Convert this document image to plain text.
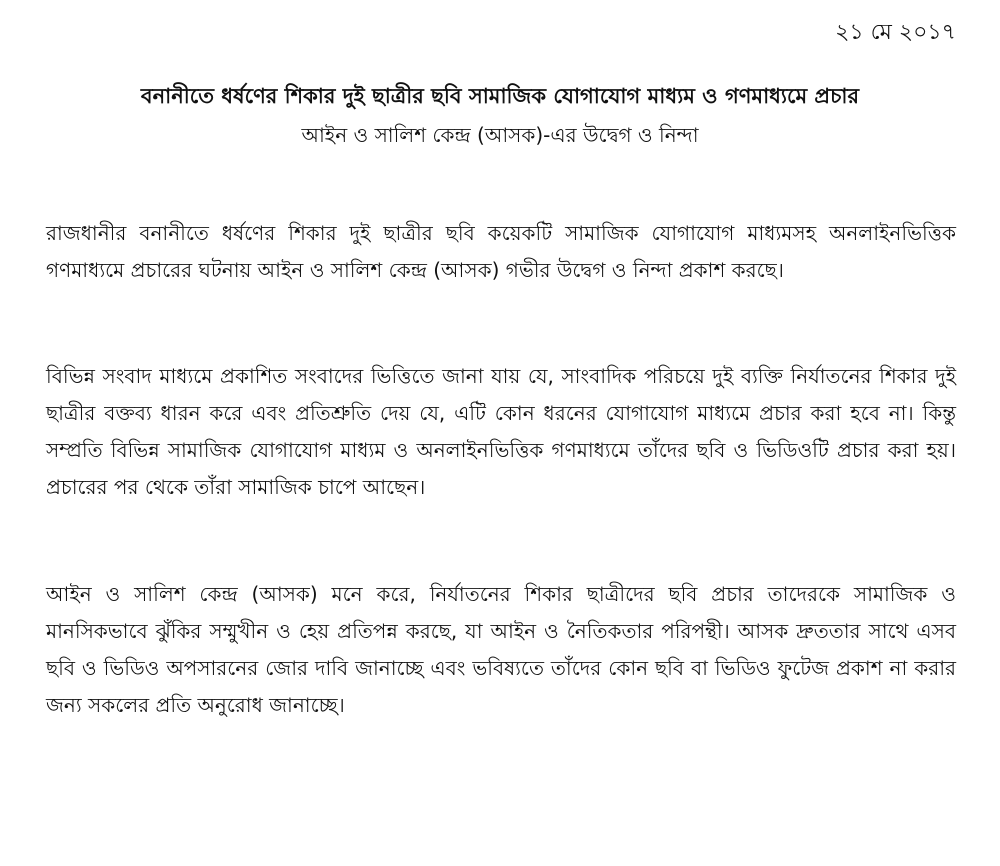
২১ মে ২০১৭
বনানীতে ধর্ষণের শিকার দুই ছাত্রীর ছবি সামাজিক যোগাযোগ মাধ্যম ও গণমাধ্যমে প্রচার
আইন ও সালিশ কেন্দ্র (আসক)-এর উদ্বেগ ও নিন্দা

রাজধানীর বনানীতে ধর্ষণের শিকার দুই ছাত্রীর ছবি কয়েকটি সামাজিক যোগাযোগ মাধ্যমসহ অনলাইনভিত্তিক গণমাধ্যমে প্রচারের ঘটনায় আইন ও সালিশ কেন্দ্র (আসক) গভীর উদ্বেগ ও নিন্দা প্রকাশ করছে।

বিভিন্ন সংবাদ মাধ্যমে প্রকাশিত সংবাদের ভিত্তিতে জানা যায় যে, সাংবাদিক পরিচয়ে দুই ব্যক্তি নির্যাতনের শিকার দুই ছাত্রীর বক্তব্য ধারন করে এবং প্রতিশ্রুতি দেয় যে, এটি কোন ধরনের যোগাযোগ মাধ্যমে প্রচার করা হবে না। কিন্তু সম্প্রতি বিভিন্ন সামাজিক যোগাযোগ মাধ্যম ও অনলাইনভিত্তিক গণমাধ্যমে তাঁদের ছবি ও ভিডিওটি প্রচার করা হয়। প্রচারের পর থেকে তাঁরা সামাজিক চাপে আছেন।

আইন ও সালিশ কেন্দ্র (আসক) মনে করে, নির্যাতনের শিকার ছাত্রীদের ছবি প্রচার তাদেরকে সামাজিক ও মানসিকভাবে ঝুঁকির সম্মুখীন ও হেয় প্রতিপন্ন করছে, যা আইন ও নৈতিকতার পরিপন্থী। আসক দ্রুততার সাথে এসব ছবি ও ভিডিও অপসারনের জোর দাবি জানাচ্ছে এবং ভবিষ্যতে তাঁদের কোন ছবি বা ভিডিও ফুটেজ প্রকাশ না করার জন্য সকলের প্রতি অনুরোধ জানাচ্ছে।
